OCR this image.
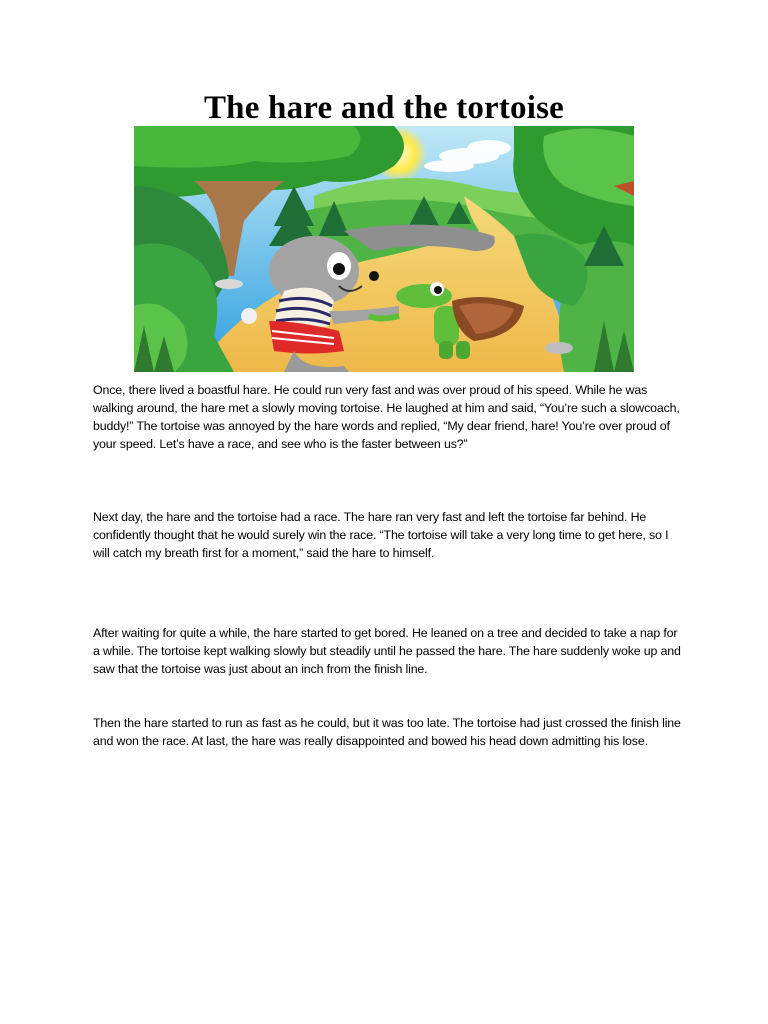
The hare and the tortoise

Once, there lived a boastful hare. He could run very fast and was over proud of his speed. While he was walking around, the hare met a slowly moving tortoise. He laughed at him and said, “You’re such a slowcoach, buddy!” The tortoise was annoyed by the hare words and replied, “My dear friend, hare! You’re over proud of your speed. Let’s have a race, and see who is the faster between us?”

Next day, the hare and the tortoise had a race. The hare ran very fast and left the tortoise far behind. He confidently thought that he would surely win the race. “The tortoise will take a very long time to get here, so I will catch my breath first for a moment,” said the hare to himself.

After waiting for quite a while, the hare started to get bored. He leaned on a tree and decided to take a nap for a while. The tortoise kept walking slowly but steadily until he passed the hare. The hare suddenly woke up and saw that the tortoise was just about an inch from the finish line.

Then the hare started to run as fast as he could, but it was too late. The tortoise had just crossed the finish line and won the race. At last, the hare was really disappointed and bowed his head down admitting his lose.
